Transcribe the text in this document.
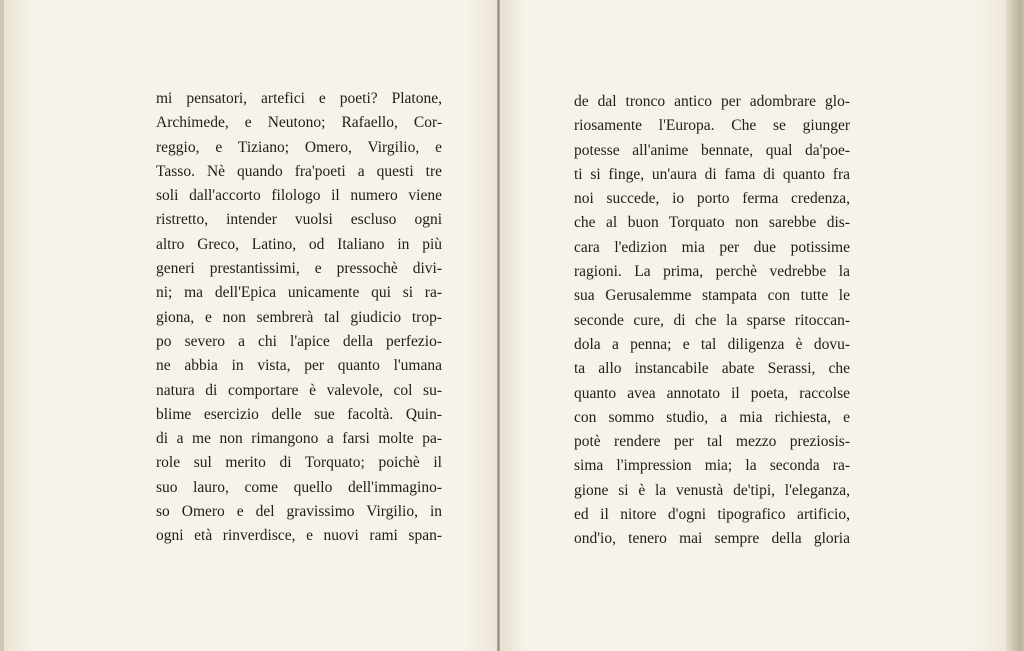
mi pensatori, artefici e poeti? Platone,
Archimede, e Neutono; Rafaello, Cor-
reggio, e Tiziano; Omero, Virgilio, e
Tasso. Nè quando fra'poeti a questi tre
soli dall'accorto filologo il numero viene
ristretto, intender vuolsi escluso ogni
altro Greco, Latino, od Italiano in più
generi prestantissimi, e pressochè divi-
ni; ma dell'Epica unicamente qui si ra-
giona, e non sembrerà tal giudicio trop-
po severo a chi l'apice della perfezio-
ne abbia in vista, per quanto l'umana
natura di comportare è valevole, col su-
blime esercizio delle sue facoltà. Quin-
di a me non rimangono a farsi molte pa-
role sul merito di Torquato; poichè il
suo lauro, come quello dell'immagino-
so Omero e del gravissimo Virgilio, in
ogni età rinverdisce, e nuovi rami span-
de dal tronco antico per adombrare glo-
riosamente l'Europa. Che se giunger
potesse all'anime bennate, qual da'poe-
ti si finge, un'aura di fama di quanto fra
noi succede, io porto ferma credenza,
che al buon Torquato non sarebbe dis-
cara l'edizion mia per due potissime
ragioni. La prima, perchè vedrebbe la
sua Gerusalemme stampata con tutte le
seconde cure, di che la sparse ritoccan-
dola a penna; e tal diligenza è dovu-
ta allo instancabile abate Serassi, che
quanto avea annotato il poeta, raccolse
con sommo studio, a mia richiesta, e
potè rendere per tal mezzo preziosis-
sima l'impression mia; la seconda ra-
gione si è la venustà de'tipi, l'eleganza,
ed il nitore d'ogni tipografico artificio,
ond'io, tenero mai sempre della gloria
